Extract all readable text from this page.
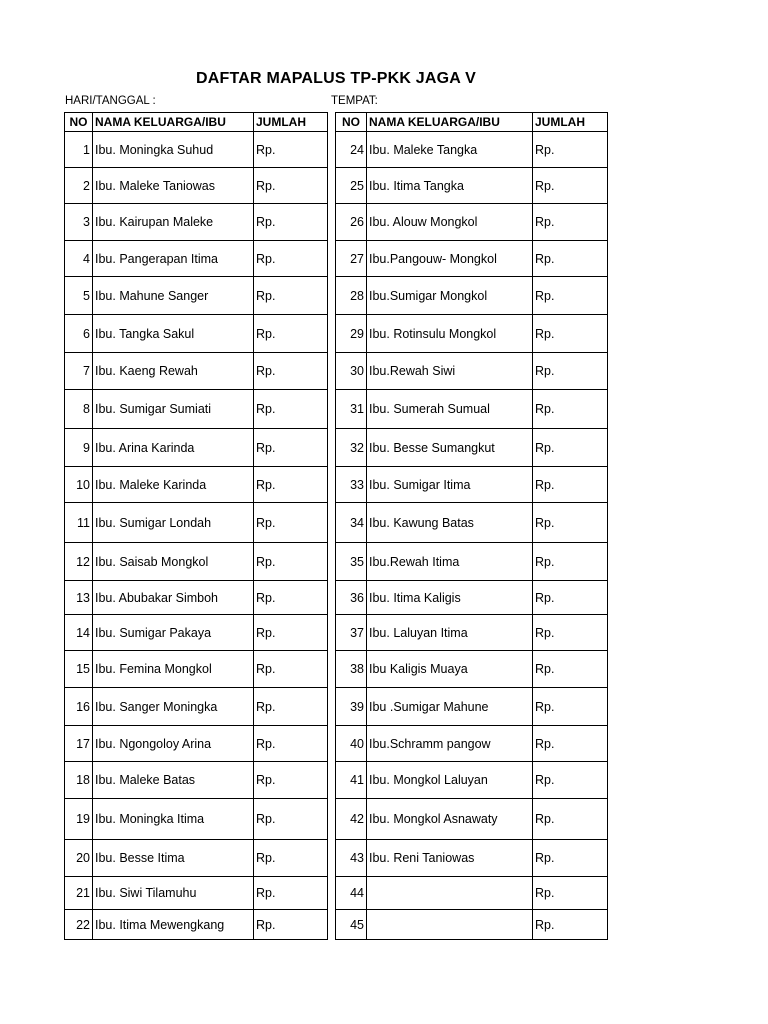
DAFTAR MAPALUS TP-PKK JAGA V
HARI/TANGGAL :	TEMPAT:
NO	NAMA KELUARGA/IBU	JUMLAH
1	Ibu. Moningka Suhud	Rp.
2	Ibu. Maleke Taniowas	Rp.
3	Ibu. Kairupan Maleke	Rp.
4	Ibu. Pangerapan Itima	Rp.
5	Ibu. Mahune Sanger	Rp.
6	Ibu. Tangka Sakul	Rp.
7	Ibu. Kaeng Rewah	Rp.
8	Ibu. Sumigar Sumiati	Rp.
9	Ibu. Arina Karinda	Rp.
10	Ibu. Maleke Karinda	Rp.
11	Ibu. Sumigar Londah	Rp.
12	Ibu. Saisab Mongkol	Rp.
13	Ibu. Abubakar Simboh	Rp.
14	Ibu. Sumigar Pakaya	Rp.
15	Ibu. Femina Mongkol	Rp.
16	Ibu. Sanger Moningka	Rp.
17	Ibu. Ngongoloy Arina	Rp.
18	Ibu. Maleke Batas	Rp.
19	Ibu. Moningka Itima	Rp.
20	Ibu. Besse Itima	Rp.
21	Ibu. Siwi Tilamuhu	Rp.
22	Ibu. Itima Mewengkang	Rp.
NO	NAMA KELUARGA/IBU	JUMLAH
24	Ibu. Maleke Tangka	Rp.
25	Ibu. Itima Tangka	Rp.
26	Ibu. Alouw Mongkol	Rp.
27	Ibu.Pangouw- Mongkol	Rp.
28	Ibu.Sumigar Mongkol	Rp.
29	Ibu. Rotinsulu Mongkol	Rp.
30	Ibu.Rewah Siwi	Rp.
31	Ibu. Sumerah Sumual	Rp.
32	Ibu. Besse Sumangkut	Rp.
33	Ibu. Sumigar Itima	Rp.
34	Ibu. Kawung Batas	Rp.
35	Ibu.Rewah Itima	Rp.
36	Ibu. Itima Kaligis	Rp.
37	Ibu. Laluyan Itima	Rp.
38	Ibu Kaligis Muaya	Rp.
39	Ibu .Sumigar Mahune	Rp.
40	Ibu.Schramm pangow	Rp.
41	Ibu. Mongkol Laluyan	Rp.
42	Ibu. Mongkol Asnawaty	Rp.
43	Ibu. Reni Taniowas	Rp.
44		Rp.
45		Rp.
